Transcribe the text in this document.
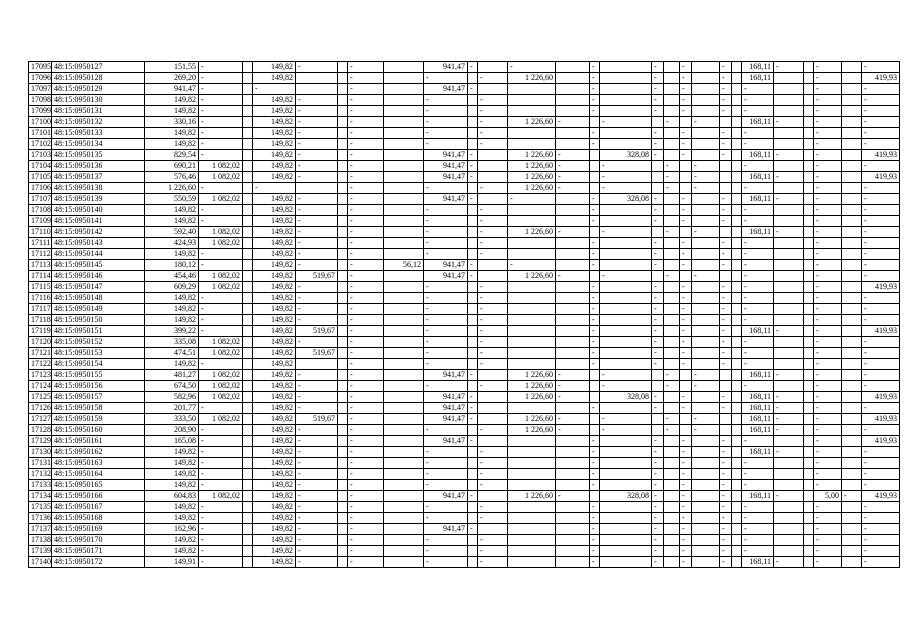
17095	48:15:0950127	151,55	-		149,82	-		-		941,47	-		-		-		-		-		-		168,11	-		-		-
17096	48:15:0950128	269,20	-		149,82			-		-		-	1 226,60		-		-		-		-		168,11			-		419,93
17097	48:15:0950129	941,47	-		-			-		941,47	-				-		-		-		-		-			-		-
17098	48:15:0950130	149,82	-		149,82	-		-		-		-			-		-		-		-		-			-		-
17099	48:15:0950131	149,82	-		149,82	-		-		-		-			-		-		-		-		-			-		-
17100	48:15:0950132	330,16	-		149,82	-		-		-		-	1 226,60	-		-		-		-			168,11	-		-		-
17101	48:15:0950133	149,82	-		149,82	-		-		-		-			-		-		-		-		-			-		-
17102	48:15:0950134	149,82	-		149,82	-		-		-		-			-		-		-		-		-			-		-
17103	48:15:0950135	829,54	-		149,82	-		-		941,47	-		1 226,60	-		328,08	-		-		-		168,11	-		-		419,93
17104	48:15:0950136	690,21	1 082,02		149,82	-		-		941,47	-		1 226,60	-		-		-		-			-			-		-
17105	48:15:0950137	576,46	1 082,02		149,82	-		-		941,47	-		1 226,60	-		-		-		-			168,11	-		-		419,93
17106	48:15:0950138	1 226,60	-		-			-		-		-	1 226,60	-		-		-		-			-			-		-
17107	48:15:0950139	550,59	1 082,02		149,82	-		-		941,47	-		-		-	328,08	-		-		-		168,11	-		-		-
17108	48:15:0950140	149,82	-		149,82	-		-		-		-			-		-		-		-		-			-		-
17109	48:15:0950141	149,82	-		149,82	-		-		-		-			-		-		-		-		-			-		-
17110	48:15:0950142	592,40	1 082,02		149,82	-		-		-		-	1 226,60	-		-		-		-			168,11	-		-		-
17111	48:15:0950143	424,93	1 082,02		149,82	-		-		-		-			-		-		-		-		-			-		-
17112	48:15:0950144	149,82	-		149,82	-		-		-		-			-		-		-		-		-			-		-
17113	48:15:0950145	180,12	-		149,82	-		-	56,12	941,47	-		-		-		-		-		-		-			-		-
17114	48:15:0950146	454,46	1 082,02		149,82	519,67		-		941,47	-		1 226,60	-		-		-		-			-			-		-
17115	48:15:0950147	609,29	1 082,02		149,82	-		-		-		-			-		-		-		-		-			-		419,93
17116	48:15:0950148	149,82	-		149,82	-		-		-		-			-		-		-		-		-			-		-
17117	48:15:0950149	149,82	-		149,82	-		-		-		-			-		-		-		-		-			-		-
17118	48:15:0950150	149,82	-		149,82	-		-		-		-			-		-		-		-		-			-		-
17119	48:15:0950151	399,22	-		149,82	519,67		-		-		-			-		-		-		-		168,11	-		-		419,93
17120	48:15:0950152	335,08	1 082,02		149,82	-		-		-		-			-		-		-		-		-			-		-
17121	48:15:0950153	474,51	1 082,02		149,82	519,67		-		-		-			-		-		-		-		-			-		-
17122	48:15:0950154	149,82	-		149,82			-		-		-			-		-		-		-		-			-		-
17123	48:15:0950155	481,27	1 082,02		149,82	-		-		941,47	-		1 226,60	-		-		-		-			168,11	-		-		-
17124	48:15:0950156	674,50	1 082,02		149,82	-		-		-		-	1 226,60	-		-		-		-			-			-		-
17125	48:15:0950157	582,96	1 082,02		149,82	-		-		941,47	-		1 226,60	-		328,08	-		-		-		168,11	-		-		419,93
17126	48:15:0950158	201,77	-		149,82	-		-		941,47	-				-		-		-		-		168,11	-		-		-
17127	48:15:0950159	333,50	1 082,02		149,82	519,67		-		941,47	-		1 226,60	-		-		-		-			168,11	-		-		419,93
17128	48:15:0950160	208,90	-		149,82	-		-		-		-	1 226,60	-		-		-		-			168,11	-		-		-
17129	48:15:0950161	165,08	-		149,82	-		-		941,47	-				-		-		-		-		-			-		419,93
17130	48:15:0950162	149,82	-		149,82	-		-		-		-			-		-		-		-		168,11	-		-		-
17131	48:15:0950163	149,82	-		149,82	-		-		-		-			-		-		-		-		-			-		-
17132	48:15:0950164	149,82	-		149,82	-		-		-		-			-		-		-		-		-			-		-
17133	48:15:0950165	149,82	-		149,82	-		-		-		-			-		-		-		-		-			-		-
17134	48:15:0950166	604,83	1 082,02		149,82	-		-		941,47	-		1 226,60	-		328,08	-		-		-		168,11	-		5,00	-	419,93
17135	48:15:0950167	149,82	-		149,82	-		-		-		-			-		-		-		-		-			-		-
17136	48:15:0950168	149,82	-		149,82	-		-		-		-			-		-		-		-		-			-		-
17137	48:15:0950169	162,96	-		149,82	-		-		941,47	-				-		-		-		-		-			-		-
17138	48:15:0950170	149,82	-		149,82	-		-		-		-			-		-		-		-		-			-		-
17139	48:15:0950171	149,82	-		149,82	-		-		-		-			-		-		-		-		-			-		-
17140	48:15:0950172	149,91	-		149,82	-		-		-		-			-		-		-		-		168,11	-		-		-
